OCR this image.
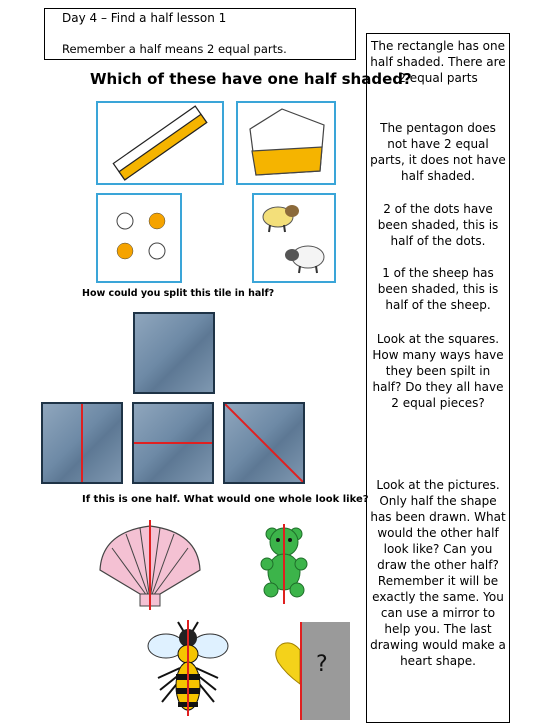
Day 4 – Find a half lesson 1
Remember a half means 2 equal parts.	The rectangle has one half shaded. There are 2 equal parts
The pentagon does not have 2 equal parts, it does not have half shaded.
2 of the dots have been shaded, this is half of the dots.
1 of the sheep has been shaded, this is half of the sheep.
Look at the squares. How many ways have they been spilt in half? Do they all have 2 equal pieces?
Look at the pictures. Only half the shape has been drawn. What would the other half look like? Can you draw the other half? Remember it will be exactly the same. You can use a mirror to help you. The last drawing would make a heart shape.
Which of these have one half shaded?
How could you split this tile in half?
If this is one half. What would one whole look like?
?
